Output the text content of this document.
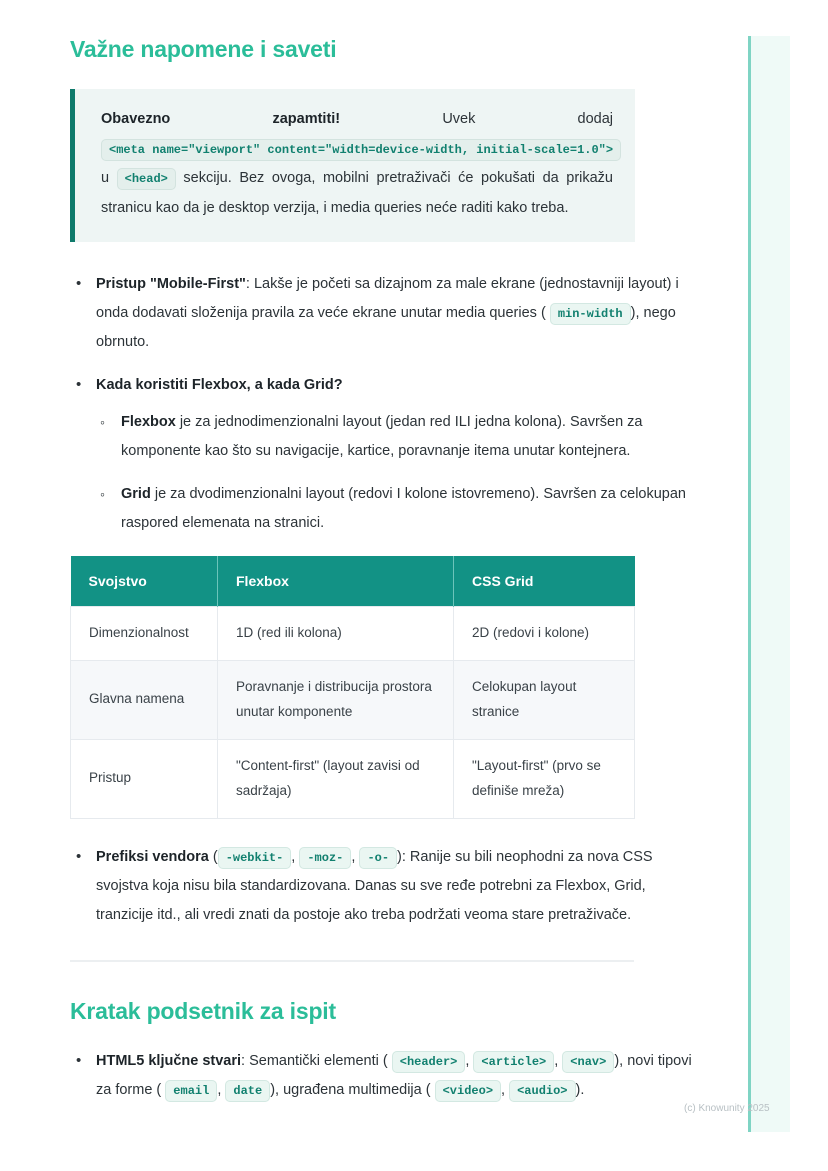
Važne napomene i saveti

Obavezno zapamtiti!	Uvek dodaj <meta name="viewport" content="width=device-width, initial-scale=1.0"> u <head> sekciju. Bez ovoga, mobilni pretraživači će pokušati da prikažu stranicu kao da je desktop verzija, i media queries neće raditi kako treba.

• Pristup "Mobile-First": Lakše je početi sa dizajnom za male ekrane (jednostavniji layout) i onda dodavati složenija pravila za veće ekrane unutar media queries ( min-width ), nego obrnuto.
• Kada koristiti Flexbox, a kada Grid?
◦ Flexbox je za jednodimenzionalni layout (jedan red ILI jedna kolona). Savršen za komponente kao što su navigacije, kartice, poravnanje itema unutar kontejnera.
◦ Grid je za dvodimenzionalni layout (redovi I kolone istovremeno). Savršen za celokupan raspored elemenata na stranici.
Svojstvo	Flexbox	CSS Grid
Dimenzionalnost	1D (red ili kolona)	2D (redovi i kolone)
Glavna namena	Poravnanje i distribucija prostora unutar komponente	Celokupan layout stranice
Pristup	"Content-first" (layout zavisi od sadržaja)	"Layout-first" (prvo se definiše mreža)
• Prefiksi vendora ( -webkit- , -moz- , -o- ): Ranije su bili neophodni za nova CSS svojstva koja nisu bila standardizovana. Danas su sve ređe potrebni za Flexbox, Grid, tranzicije itd., ali vredi znati da postoje ako treba podržati veoma stare pretraživače.
Kratak podsetnik za ispit
• HTML5 ključne stvari: Semantički elementi ( <header> , <article> , <nav> ), novi tipovi za forme ( email , date ), ugrađena multimedija ( <video> , <audio> ).
(c) Knowunity 2025
